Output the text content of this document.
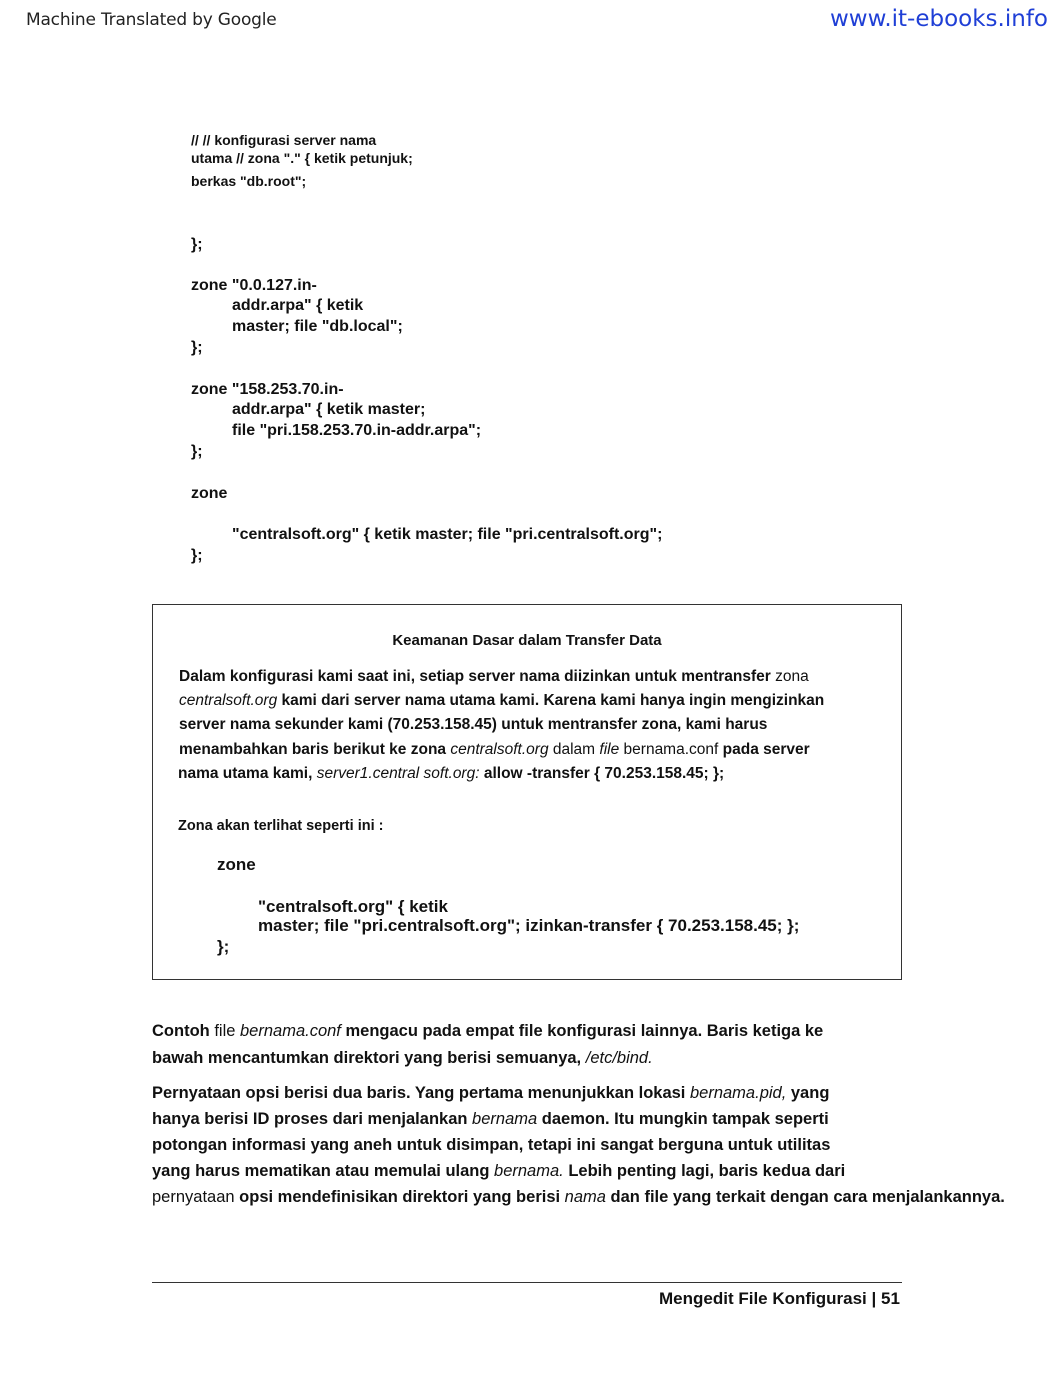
Machine Translated by Google	www.it-ebooks.info
// // konfigurasi server nama
utama // zona "." { ketik petunjuk;
berkas "db.root";
};
zone "0.0.127.in-
addr.arpa" { ketik
master; file "db.local";
};
zone "158.253.70.in-
addr.arpa" { ketik master;
file "pri.158.253.70.in-addr.arpa";
};
zone
"centralsoft.org" { ketik master; file "pri.centralsoft.org";
};
Keamanan Dasar dalam Transfer Data
Dalam konfigurasi kami saat ini, setiap server nama diizinkan untuk mentransfer zona
centralsoft.org kami dari server nama utama kami. Karena kami hanya ingin mengizinkan
server nama sekunder kami (70.253.158.45) untuk mentransfer zona, kami harus
menambahkan baris berikut ke zona centralsoft.org dalam file bernama.conf pada server
nama utama kami, server1.central soft.org: allow -transfer { 70.253.158.45; };
Zona akan terlihat seperti ini :
zone
"centralsoft.org" { ketik
master; file "pri.centralsoft.org"; izinkan-transfer { 70.253.158.45; };
};
Contoh file bernama.conf mengacu pada empat file konfigurasi lainnya. Baris ketiga ke
bawah mencantumkan direktori yang berisi semuanya, /etc/bind.
Pernyataan opsi berisi dua baris. Yang pertama menunjukkan lokasi bernama.pid, yang
hanya berisi ID proses dari menjalankan bernama daemon. Itu mungkin tampak seperti
potongan informasi yang aneh untuk disimpan, tetapi ini sangat berguna untuk utilitas
yang harus mematikan atau memulai ulang bernama. Lebih penting lagi, baris kedua dari
pernyataan opsi mendefinisikan direktori yang berisi nama dan file yang terkait dengan cara menjalankannya.
Mengedit File Konfigurasi | 51
